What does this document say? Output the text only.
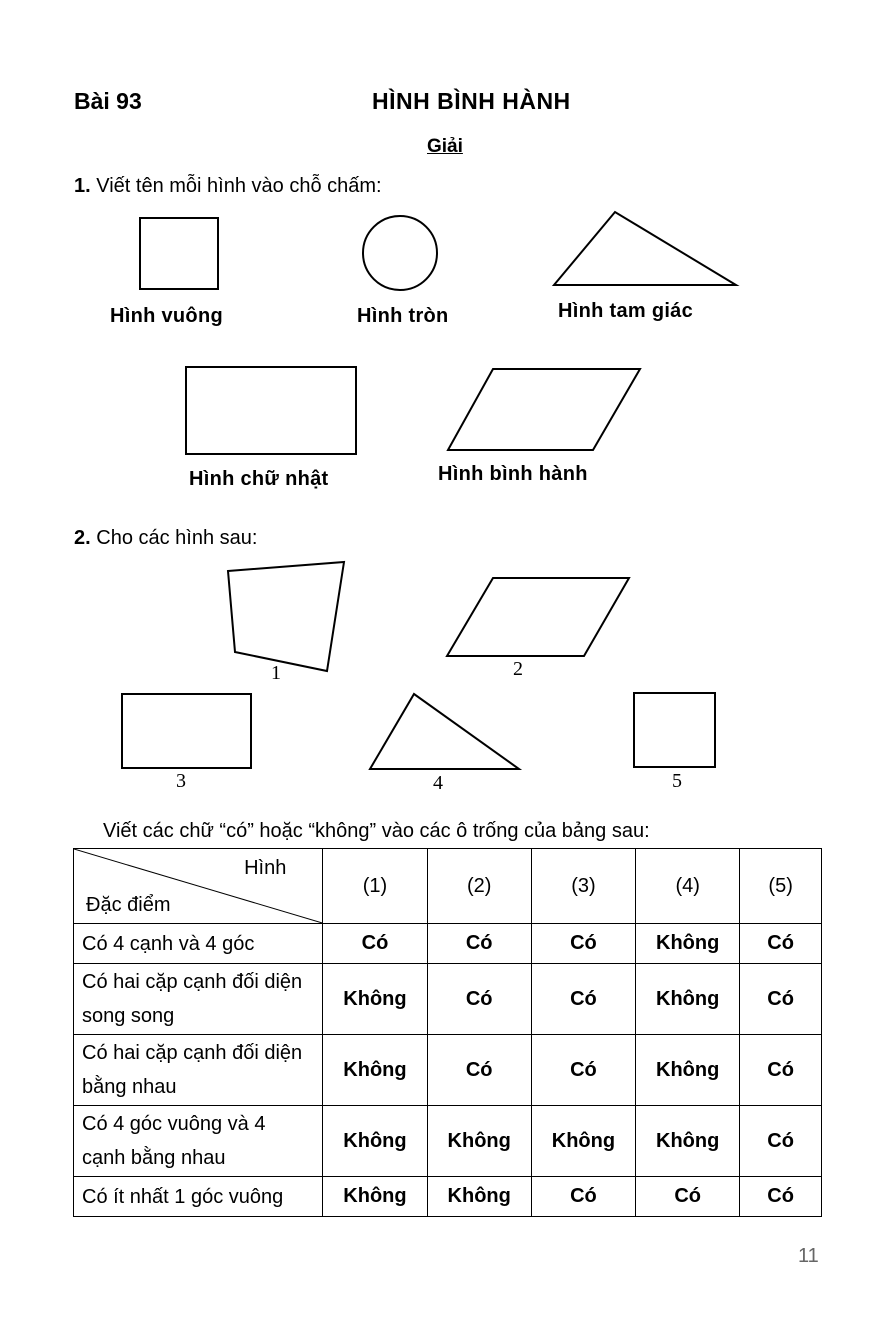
Bài 93	HÌNH BÌNH HÀNH
Giải
1. Viết tên mỗi hình vào chỗ chấm:
Hình vuông	Hình tròn	Hình tam giác
Hình chữ nhật	Hình bình hành
2. Cho các hình sau:
1	2
3	4	5
Viết các chữ “có” hoặc “không” vào các ô trống của bảng sau:
Hình
Đặc điểm	(1)	(2)	(3)	(4)	(5)
Có 4 cạnh và 4 góc	Có	Có	Có	Không	Có
Có hai cặp cạnh đối diện song song	Không	Có	Có	Không	Có
Có hai cặp cạnh đối diện bằng nhau	Không	Có	Có	Không	Có
Có 4 góc vuông và 4 cạnh bằng nhau	Không	Không	Không	Không	Có
Có ít nhất 1 góc vuông	Không	Không	Có	Có	Có
11
